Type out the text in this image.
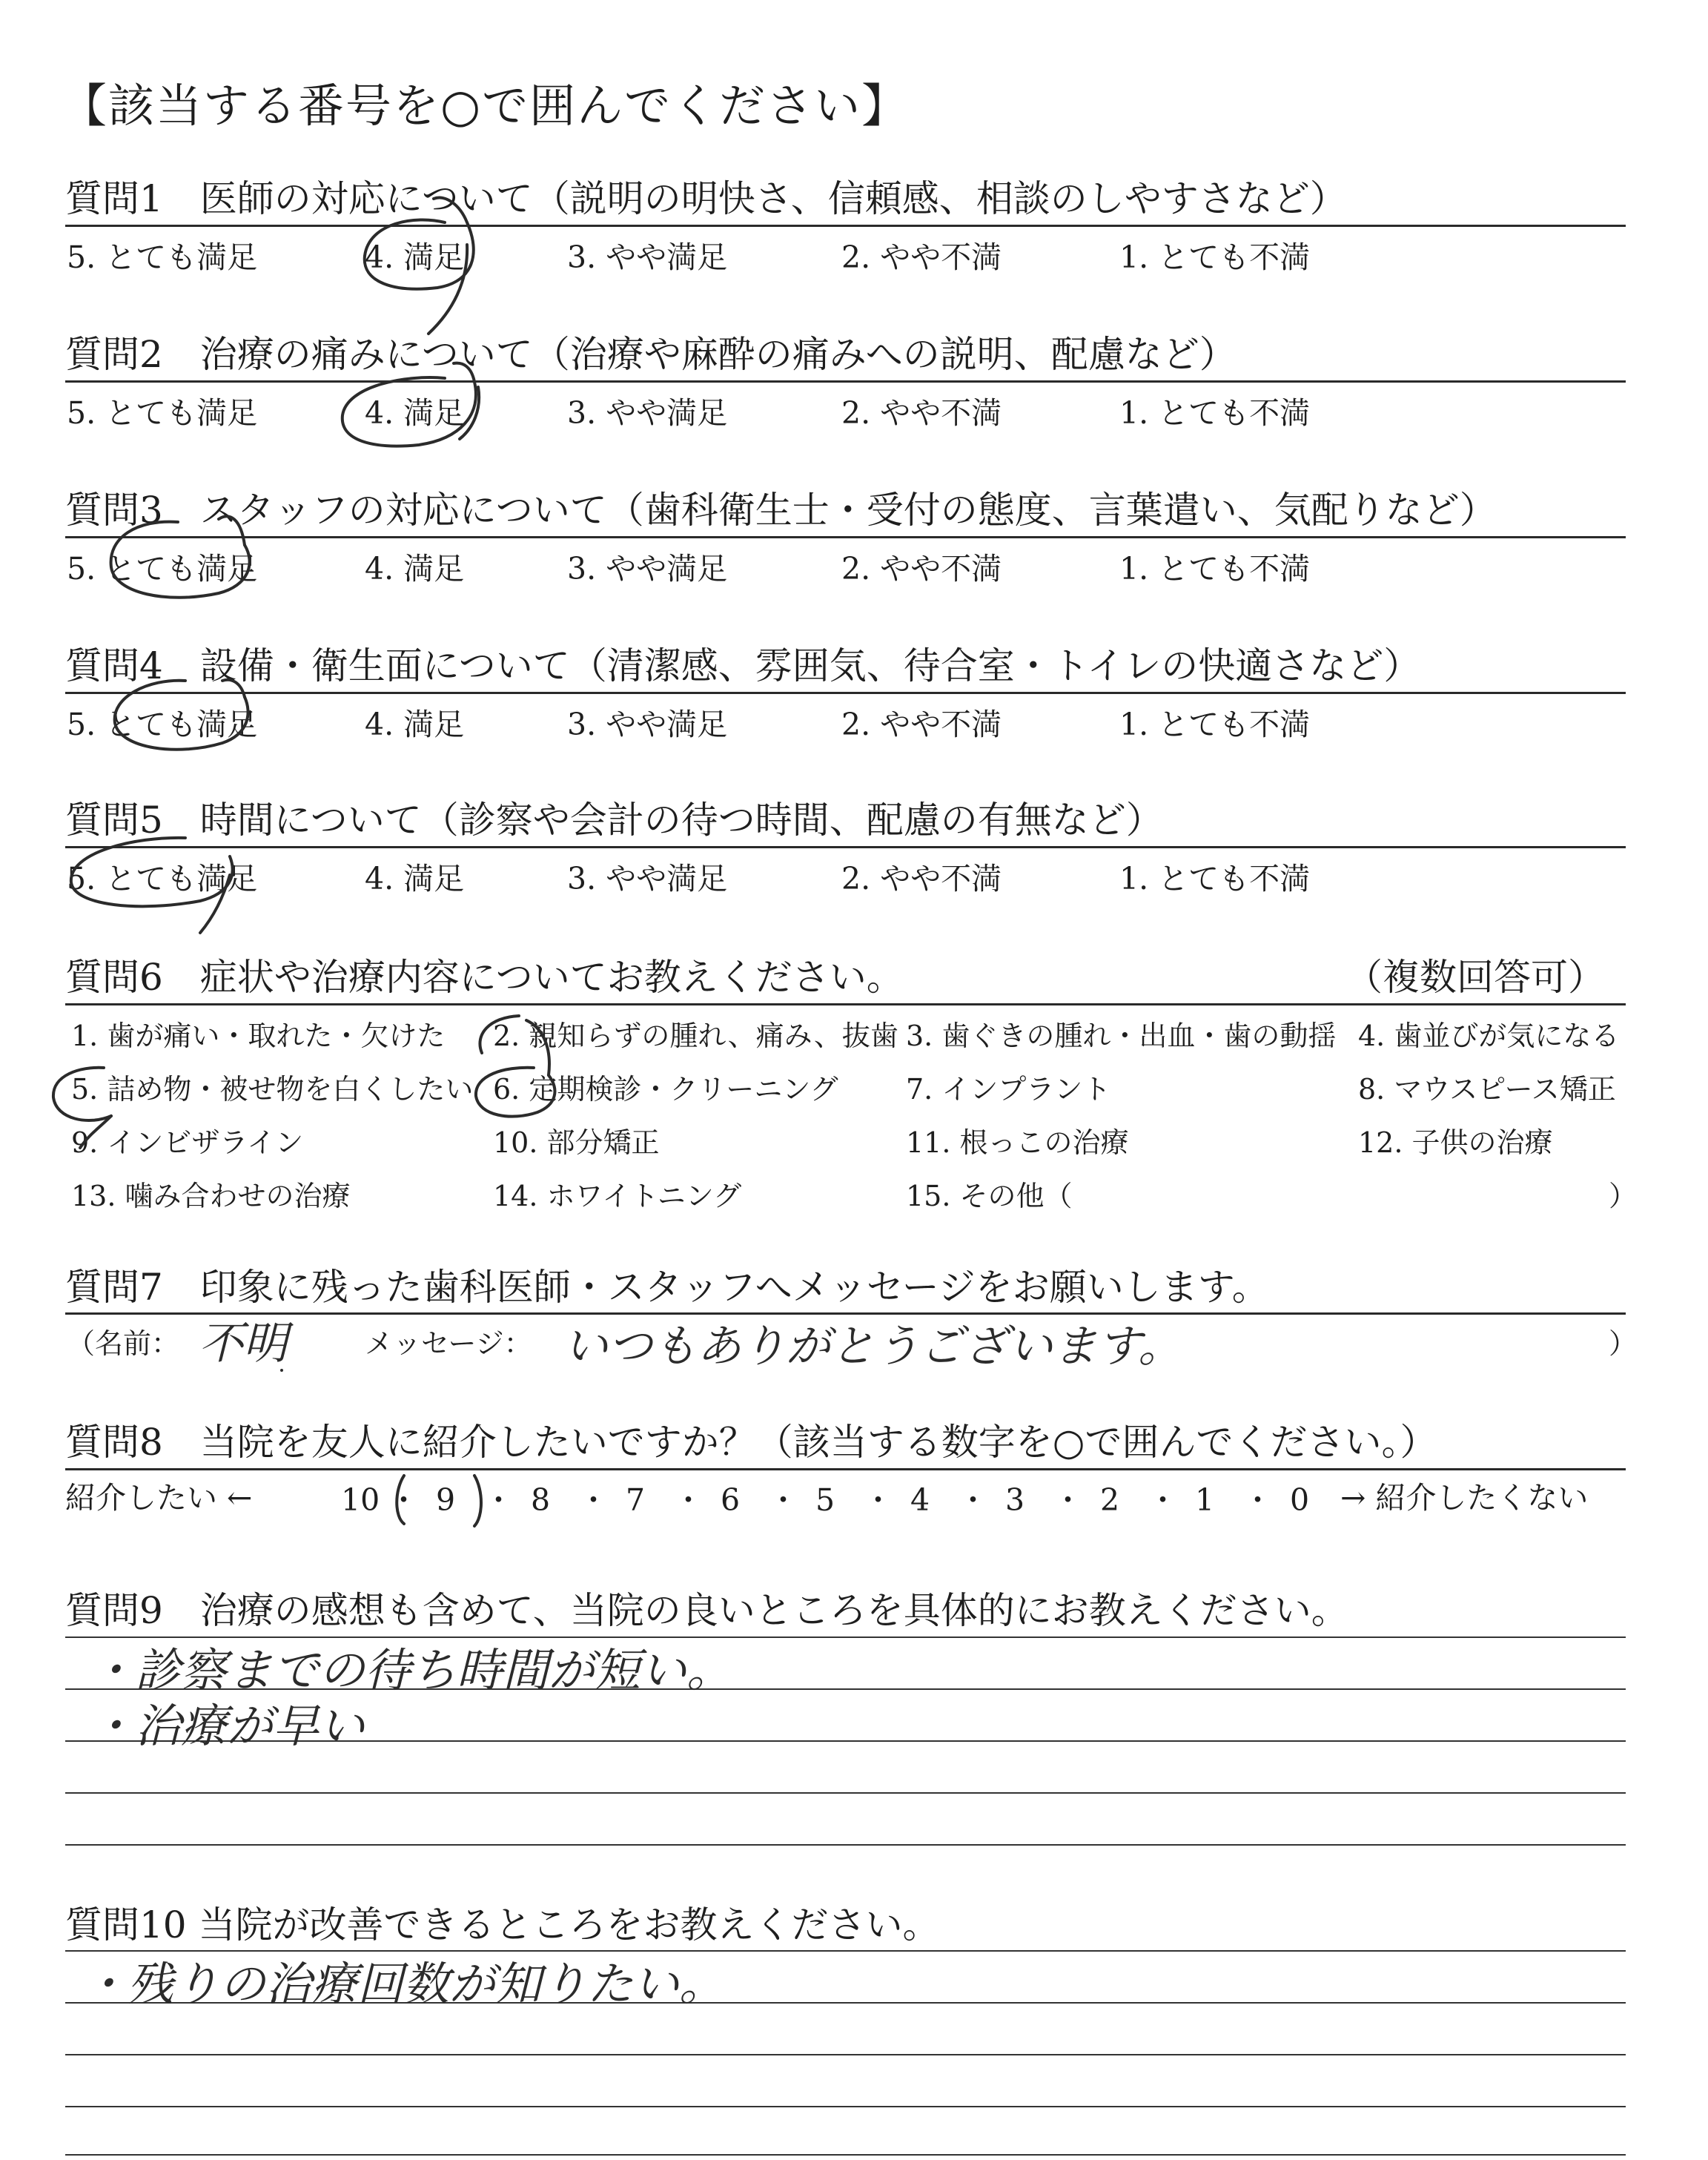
【該当する番号を○で囲んでください】
質問1　医師の対応について（説明の明快さ、信頼感、相談のしやすさなど）
5. とても満足	4. 満足	3. やや満足	2. やや不満	1. とても不満
質問2　治療の痛みについて（治療や麻酔の痛みへの説明、配慮など）
5. とても満足	4. 満足	3. やや満足	2. やや不満	1. とても不満
質問3　スタッフの対応について（歯科衛生士・受付の態度、言葉遣い、気配りなど）
5. とても満足	4. 満足	3. やや満足	2. やや不満	1. とても不満
質問4　設備・衛生面について（清潔感、雰囲気、待合室・トイレの快適さなど）
5. とても満足	4. 満足	3. やや満足	2. やや不満	1. とても不満
質問5　時間について（診察や会計の待つ時間、配慮の有無など）
5. とても満足	4. 満足	3. やや満足	2. やや不満	1. とても不満
質問6　症状や治療内容についてお教えください。	（複数回答可）
1. 歯が痛い・取れた・欠けた 2. 親知らずの腫れ、痛み、抜歯 3. 歯ぐきの腫れ・出血・歯の動揺 4. 歯並びが気になる
5. 詰め物・被せ物を白くしたい 6. 定期検診・クリーニング 7. インプラント	8. マウスピース矯正
9. インビザライン	10. 部分矯正	11. 根っこの治療	12. 子供の治療
13. 噛み合わせの治療	14. ホワイトニング	15. その他（	）
質問7　印象に残った歯科医師・スタッフへメッセージをお願いします。
（名前： 不明	メッセージ： いつもありがとうございます。	）
質問8　当院を友人に紹介したいですか？（該当する数字を○で囲んでください。）
紹介したい ←	→ 紹介したくない
10 ・ 9 ・ 8 ・ 7 ・ 6 ・ 5 ・ 4 ・ 3 ・ 2 ・ 1 ・ 0
質問9　治療の感想も含めて、当院の良いところを具体的にお教えください。
・診察までの待ち時間が短い。
・治療が早い
質問10 当院が改善できるところをお教えください。
・残りの治療回数が知りたい。
